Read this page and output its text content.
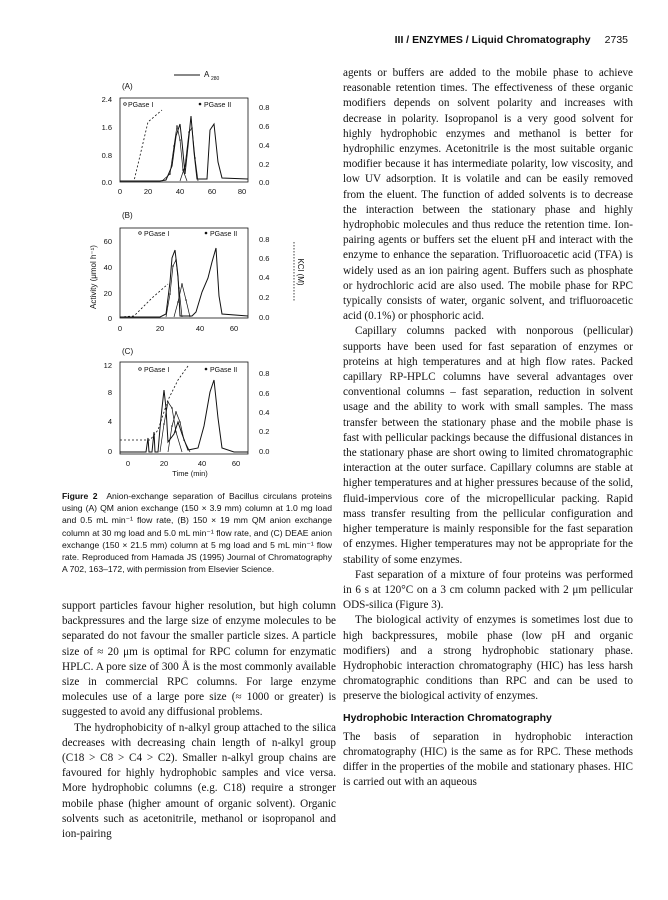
III / ENZYMES / Liquid Chromatography 2735
A 280
Activity (μmol h⁻¹)	KCl (M)
(A)
2.4
1.6
0.8
0.0
0.8
0.6
0.4
0.2
0.0
0	20	40	60	80
PGase I	PGase II
(B)
60
40
20
0
0.8
0.6
0.4
0.2
0.0
0	20	40	60
PGase I	PGase II
(C)
12
8
4
0
0.8
0.6
0.4
0.2
0.0
0	20	40	60
Time (min)
PGase I	PGase II
Figure 2 Anion-exchange separation of Bacillus circulans proteins using (A) QM anion exchange (150 × 3.9 mm) column at 1.0 mg load and 0.5 mL min⁻¹ flow rate, (B) 150 × 19 mm QM anion exchange column at 30 mg load and 5.0 mL min⁻¹ flow rate, and (C) DEAE anion exchange (150 × 21.5 mm) column at 5 mg load and 5 mL min⁻¹ flow rate. Reproduced from Hamada JS (1995) Journal of Chromatography A 702, 163–172, with permission from Elsevier Science.

agents or buffers are added to the mobile phase to achieve reasonable retention times. The effectiveness of these organic modifiers depends on solvent polarity and increases with decrease in polarity. Isopropanol is a very good solvent for highly hydrophobic enzymes and methanol is better for hydrophilic enzymes. Acetonitrile is the most suitable organic modifier because it has intermediate polarity, low viscosity, and low UV adsorption. It is volatile and can be easily removed from the eluent. The function of added solvents is to decrease the interaction between the stationary phase and highly hydrophobic molecules and thus reduce the retention time. Ion-pairing agents or buffers set the eluent pH and interact with the enzyme to enhance the separation. Trifluoroacetic acid (TFA) is widely used as an ion pairing agent. Buffers such as phosphate or hydrochloric acid are also used. The mobile phase for RPC typically consists of water, organic solvent, and trifluoroacetic acid (0.1%) or phosphoric acid.

Capillary columns packed with nonporous (pellicular) supports have been used for fast separation of enzymes or proteins at high temperatures and at high flow rates. Packed capillary RP-HPLC columns have several advantages over conventional columns – fast separation, reduction in solvent usage and the ability to work with small samples. The mass transfer between the stationary phase and the mobile phase is fast with pellicular packings because the diffusional distances in the stationary phase are short owing to limited chromatographic interaction at the outer surface. Capillary columns are stable at higher temperatures and at higher pressures because of the solid, fluid-impervious core of the micropellicular packing. Rapid mass transfer resulting from the pellicular configuration and higher temperature is mainly responsible for the fast separation of enzymes. Higher temperatures may not be appropriate for the stability of some enzymes.

Fast separation of a mixture of four proteins was performed in 6 s at 120°C on a 3 cm column packed with 2 μm pellicular ODS-silica (Figure 3).

The biological activity of enzymes is sometimes lost due to high backpressures, mobile phase (low pH and organic modifiers) and a strong hydrophobic stationary phase. Hydrophobic interaction chromatography (HIC) has less harsh chromatographic conditions than RPC and can be used to preserve the biological activity of enzymes.

Hydrophobic Interaction Chromatography

The basis of separation in hydrophobic interaction chromatography (HIC) is the same as for RPC. These methods differ in the properties of the mobile and stationary phases. HIC is carried out with an aqueous

support particles favour higher resolution, but high column backpressures and the large size of enzyme molecules to be separated do not favour the smaller particle sizes. A particle size of ≈ 20 μm is optimal for RPC column for enzymatic HPLC. A pore size of 300 Å is the most commonly available size in commercial RPC columns. For large enzyme molecules use of a large pore size (≈ 1000 or greater) is suggested to avoid any diffusional problems.

The hydrophobicity of n-alkyl group attached to the silica decreases with decreasing chain length of n-alkyl group (C18 > C8 > C4 > C2). Smaller n-alkyl group chains are favoured for highly hydrophobic samples and vice versa. More hydrophobic columns (e.g. C18) require a stronger mobile phase (higher amount of organic solvent). Organic solvents such as acetonitrile, methanol or isopropanol and ion-pairing
